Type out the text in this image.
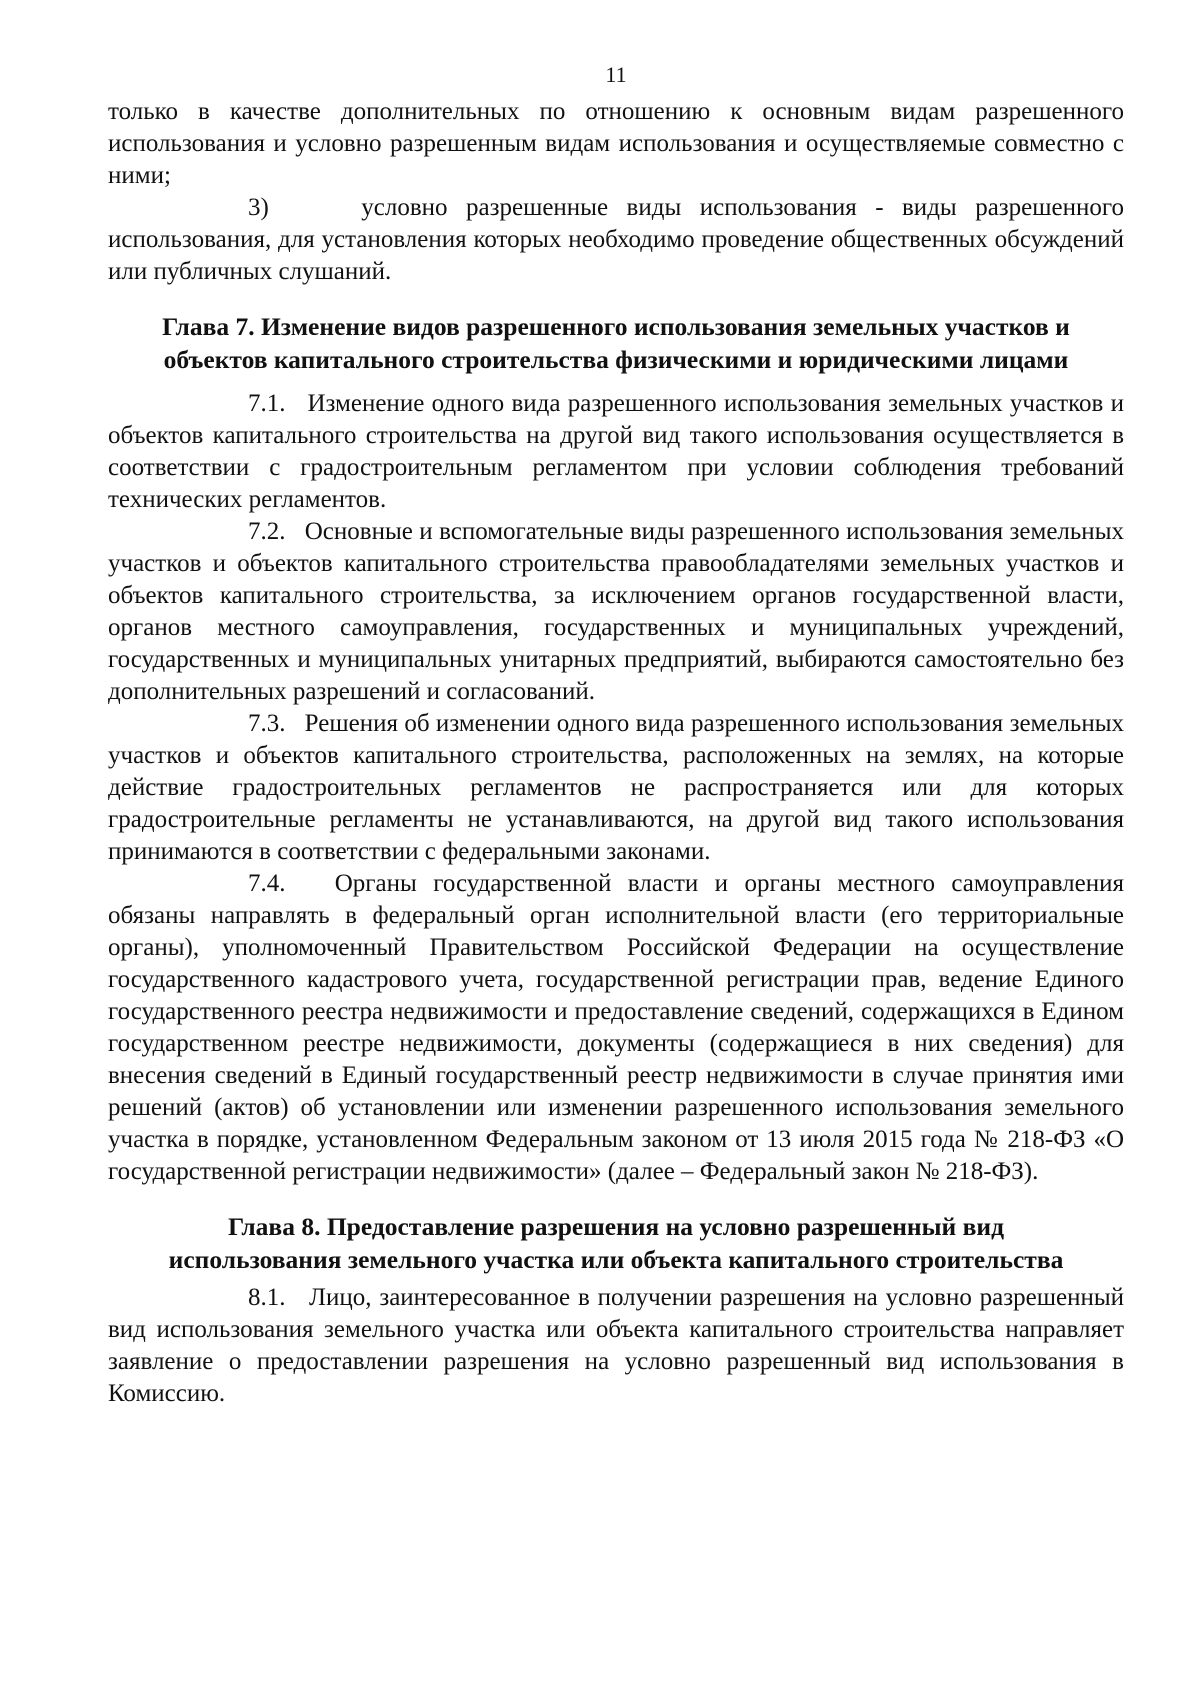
11

только в качестве дополнительных по отношению к основным видам разрешенного использования и условно разрешенным видам использования и осуществляемые совместно с ними;

3)	условно разрешенные виды использования - виды разрешенного использования, для установления которых необходимо проведение общественных обсуждений или публичных слушаний.

Глава 7. Изменение видов разрешенного использования земельных участков и объектов капитального строительства физическими и юридическими лицами

7.1. Изменение одного вида разрешенного использования земельных участков и объектов капитального строительства на другой вид такого использования осуществляется в соответствии с градостроительным регламентом при условии соблюдения требований технических регламентов.

7.2. Основные и вспомогательные виды разрешенного использования земельных участков и объектов капитального строительства правообладателями земельных участков и объектов капитального строительства, за исключением органов государственной власти, органов местного самоуправления, государственных и муниципальных учреждений, государственных и муниципальных унитарных предприятий, выбираются самостоятельно без дополнительных разрешений и согласований.

7.3. Решения об изменении одного вида разрешенного использования земельных участков и объектов капитального строительства, расположенных на землях, на которые действие градостроительных регламентов не распространяется или для которых градостроительные регламенты не устанавливаются, на другой вид такого использования принимаются в соответствии с федеральными законами.

7.4. Органы государственной власти и органы местного самоуправления обязаны направлять в федеральный орган исполнительной власти (его территориальные органы), уполномоченный Правительством Российской Федерации на осуществление государственного кадастрового учета, государственной регистрации прав, ведение Единого государственного реестра недвижимости и предоставление сведений, содержащихся в Едином государственном реестре недвижимости, документы (содержащиеся в них сведения) для внесения сведений в Единый государственный реестр недвижимости в случае принятия ими решений (актов) об установлении или изменении разрешенного использования земельного участка в порядке, установленном Федеральным законом от 13 июля 2015 года № 218-ФЗ «О государственной регистрации недвижимости» (далее – Федеральный закон № 218-ФЗ).

Глава 8. Предоставление разрешения на условно разрешенный вид
использования земельного участка или объекта капитального строительства

8.1. Лицо, заинтересованное в получении разрешения на условно разрешенный вид использования земельного участка или объекта капитального строительства направляет заявление о предоставлении разрешения на условно разрешенный вид использования в Комиссию.
